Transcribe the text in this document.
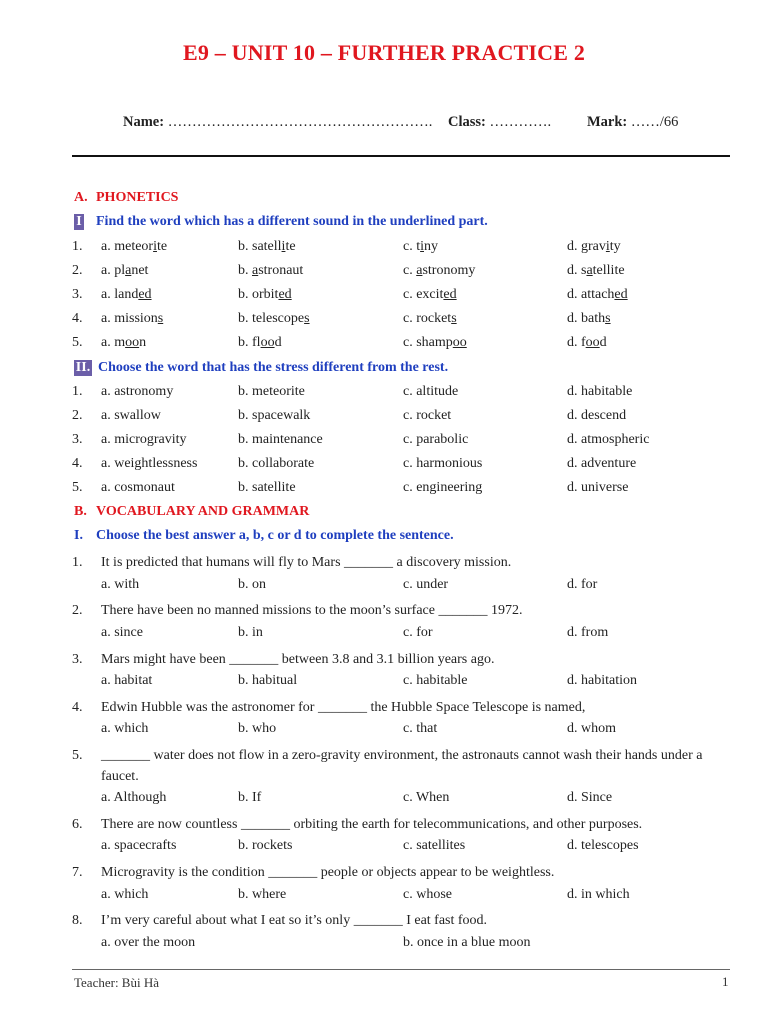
E9 – UNIT 10 – FURTHER PRACTICE 2
Name: ………………………………………………. Class: …………. Mark: ……/66
A. PHONETICS
I Find the word which has a different sound in the underlined part.
1. a. meteorite	b. satellite	c. tiny	d. gravity
2. a. planet	b. astronaut	c. astronomy	d. satellite
3. a. landed	b. orbited	c. excited	d. attached
4. a. missions	b. telescopes	c. rockets	d. baths
5. a. moon	b. flood	c. shampoo	d. food
II. Choose the word that has the stress different from the rest.
1. a. astronomy	b. meteorite	c. altitude	d. habitable
2. a. swallow	b. spacewalk	c. rocket	d. descend
3. a. microgravity	b. maintenance	c. parabolic	d. atmospheric
4. a. weightlessness	b. collaborate	c. harmonious	d. adventure
5. a. cosmonaut	b. satellite	c. engineering	d. universe
B. VOCABULARY AND GRAMMAR
I. Choose the best answer a, b, c or d to complete the sentence.
1. It is predicted that humans will fly to Mars _______ a discovery mission.
a. with	b. on	c. under	d. for
2. There have been no manned missions to the moon’s surface _______ 1972.
a. since	b. in	c. for	d. from
3. Mars might have been _______ between 3.8 and 3.1 billion years ago.
a. habitat	b. habitual	c. habitable	d. habitation
4. Edwin Hubble was the astronomer for _______ the Hubble Space Telescope is named,
a. which	b. who	c. that	d. whom
5. _______ water does not flow in a zero-gravity environment, the astronauts cannot wash their hands under a faucet.
a. Although	b. If	c. When	d. Since
6. There are now countless _______ orbiting the earth for telecommunications, and other purposes.
a. spacecrafts	b. rockets	c. satellites	d. telescopes
7. Microgravity is the condition _______ people or objects appear to be weightless.
a. which	b. where	c. whose	d. in which
8. I’m very careful about what I eat so it’s only _______ I eat fast food.
a. over the moon	b. once in a blue moon
Teacher: Bùi Hà	1
